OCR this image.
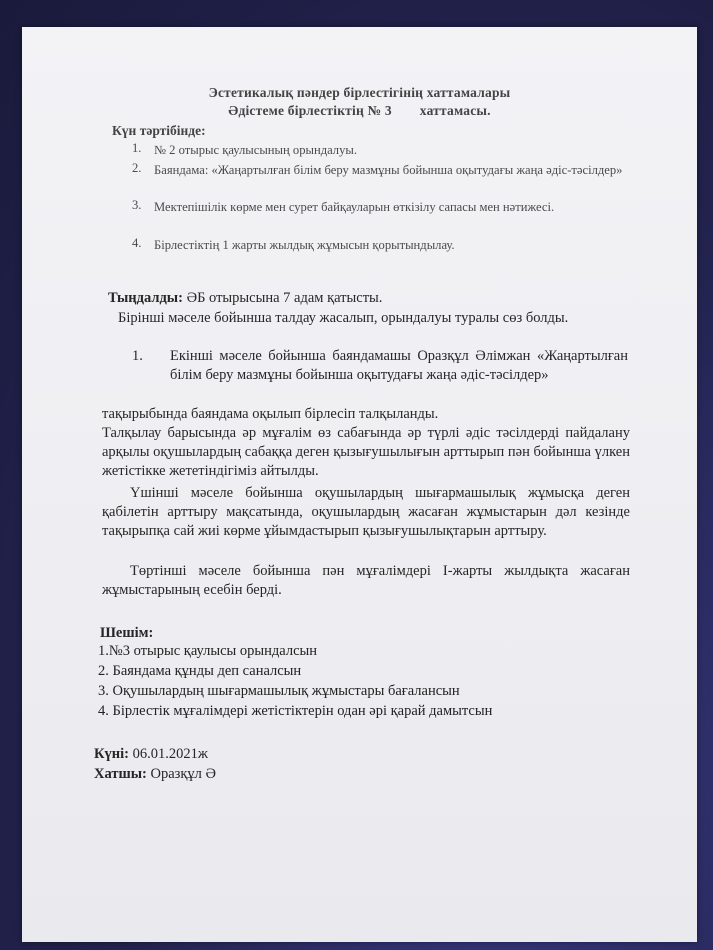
Эстетикалық пәндер бірлестігінің хаттамалары
Әдістеме бірлестіктің № 3 хаттамасы.
Күн тәртібінде:
1. № 2 отырыс қаулысының орындалуы.
2. Баяндама: «Жаңартылған білім беру мазмұны бойынша оқытудағы жаңа әдіс-тәсілдер»
3. Мектепішілік көрме мен сурет байқауларын өткізілу сапасы мен нәтижесі.
4. Бірлестіктің 1 жарты жылдық жұмысын қорытындылау.
Тыңдалды: ӘБ отырысына 7 адам қатысты.
Бірінші мәселе бойынша талдау жасалып, орындалуы туралы сөз болды.
1. Екінші мәселе бойынша баяндамашы Оразқұл Әлімжан «Жаңартылған білім беру мазмұны бойынша оқытудағы жаңа әдіс-тәсілдер»
тақырыбында баяндама оқылып бірлесіп талқыланды.
Талқылау барысында әр мұғалім өз сабағында әр түрлі әдіс тәсілдерді пайдалану арқылы оқушылардың сабаққа деген қызығушылығын арттырып пән бойынша үлкен жетістікке жететіндігіміз айтылды.
Үшінші мәселе бойынша оқушылардың шығармашылық жұмысқа деген қабілетін арттыру мақсатында, оқушылардың жасаған жұмыстарын дәл кезінде тақырыпқа сай жиі көрме ұйымдастырып қызығушылықтарын арттыру.
Төртінші мәселе бойынша пән мұғалімдері І-жарты жылдықта жасаған жұмыстарының есебін берді.
Шешім:
1.№3 отырыс қаулысы орындалсын
2. Баяндама құнды деп саналсын
3. Оқушылардың шығармашылық жұмыстары бағалансын
4. Бірлестік мұғалімдері жетістіктерін одан әрі қарай дамытсын
Күні: 06.01.2021ж
Хатшы: Оразқұл Ә
